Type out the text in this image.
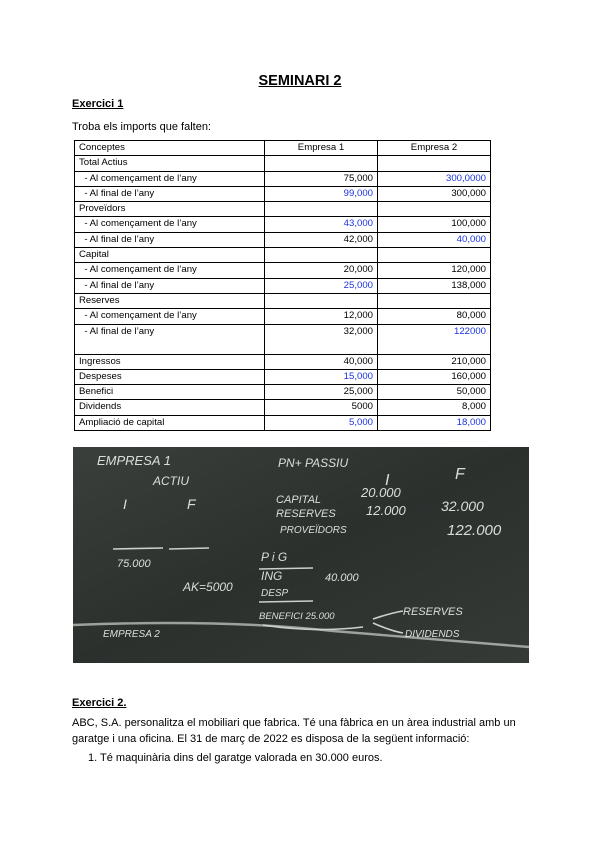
SEMINARI 2
Exercici 1
Troba els imports que falten:
Conceptes	Empresa 1	Empresa 2
Total Actius		
- Al començament de l’any	75,000	300,0000
- Al final de l’any	99,000	300,000
Proveïdors		
- Al començament de l’any	43,000	100,000
- Al final de l’any	42,000	40,000
Capital		
- Al començament de l’any	20,000	120,000
- Al final de l’any	25,000	138,000
Reserves		
- Al començament de l’any	12,000	80,000
- Al final de l’any	32,000	122000
Ingressos	40,000	210,000
Despeses	15,000	160,000
Benefici	25,000	50,000
Dividends	5000	8,000
Ampliació de capital	5,000	18,000
EMPRESA 1
ACTIU
I	F
PN+ PASSIU
I	F
CAPITAL	20.000
RESERVES 12.000	32.000
PROVEÏDORS	122.000
75.000	P i G
ING	40.000
DESP
AK=5000
BENEFICI 25.000	RESERVES
DIVIDENDS
EMPRESA 2
Exercici 2.
ABC, S.A. personalitza el mobiliari que fabrica. Té una fàbrica en un àrea industrial amb un
garatge i una oficina. El 31 de març de 2022 es disposa de la següent informació:
1. Té maquinària dins del garatge valorada en 30.000 euros.
